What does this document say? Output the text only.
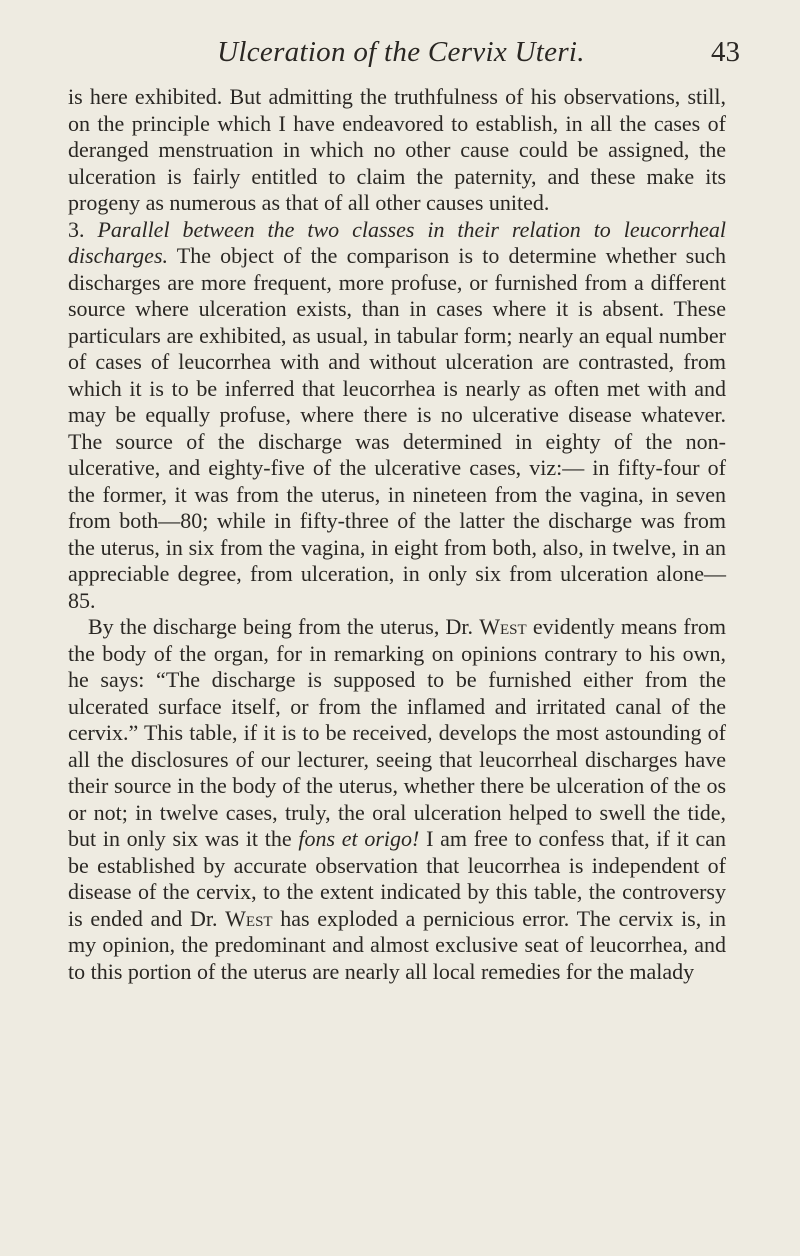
Ulceration of the Cervix Uteri.	43

is here exhibited. But admitting the truthfulness of his observations, still, on the principle which I have endeavored to establish, in all the cases of deranged menstruation in which no other cause could be assigned, the ulceration is fairly entitled to claim the paternity, and these make its progeny as numerous as that of all other causes united.

3. Parallel between the two classes in their relation to leucorrheal discharges. The object of the comparison is to determine whether such discharges are more frequent, more profuse, or furnished from a different source where ulceration exists, than in cases where it is absent. These particulars are exhibited, as usual, in tabular form; nearly an equal number of cases of leucorrhea with and without ulceration are contrasted, from which it is to be inferred that leucorrhea is nearly as often met with and may be equally profuse, where there is no ulcerative disease whatever. The source of the discharge was determined in eighty of the non-ulcerative, and eighty-five of the ulcerative cases, viz:— in fifty-four of the former, it was from the uterus, in nineteen from the vagina, in seven from both—80; while in fifty-three of the latter the discharge was from the uterus, in six from the vagina, in eight from both, also, in twelve, in an appreciable degree, from ulceration, in only six from ulceration alone—85.

By the discharge being from the uterus, Dr. West evidently means from the body of the organ, for in remarking on opinions contrary to his own, he says: “The discharge is supposed to be furnished either from the ulcerated surface itself, or from the inflamed and irritated canal of the cervix.” This table, if it is to be received, develops the most astounding of all the disclosures of our lecturer, seeing that leucorrheal discharges have their source in the body of the uterus, whether there be ulceration of the os or not; in twelve cases, truly, the oral ulceration helped to swell the tide, but in only six was it the fons et origo! I am free to confess that, if it can be established by accurate observation that leucorrhea is independent of disease of the cervix, to the extent indicated by this table, the controversy is ended and Dr. West has exploded a pernicious error. The cervix is, in my opinion, the predominant and almost exclusive seat of leucorrhea, and to this portion of the uterus are nearly all local remedies for the malady
